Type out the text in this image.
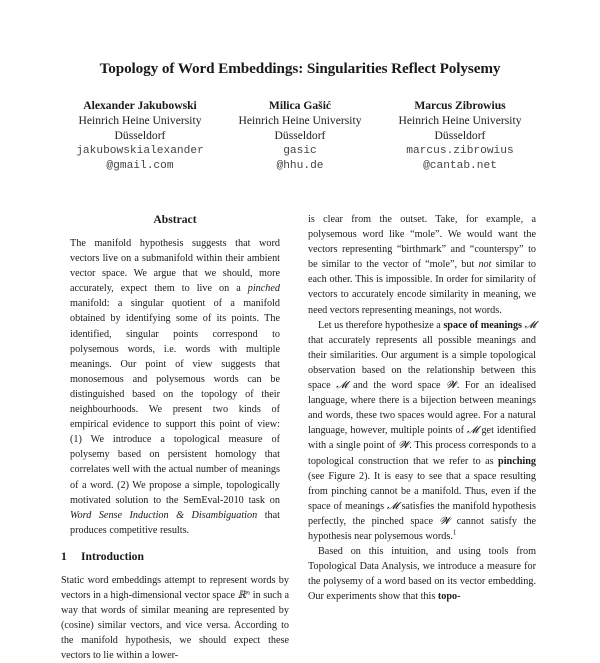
Topology of Word Embeddings: Singularities Reflect Polysemy
Alexander Jakubowski
Heinrich Heine University
Düsseldorf
jakubowskialexander
@gmail.com
Milica Gašić
Heinrich Heine University
Düsseldorf
gasic
@hhu.de
Marcus Zibrowius
Heinrich Heine University
Düsseldorf
marcus.zibrowius
@cantab.net
Abstract

The manifold hypothesis suggests that word vectors live on a submanifold within their ambient vector space. We argue that we should, more accurately, expect them to live on a pinched manifold: a singular quotient of a manifold obtained by identifying some of its points. The identified, singular points correspond to polysemous words, i.e. words with multiple meanings. Our point of view suggests that monosemous and polysemous words can be distinguished based on the topology of their neighbourhoods. We present two kinds of empirical evidence to support this point of view: (1) We introduce a topological measure of polysemy based on persistent homology that correlates well with the actual number of meanings of a word. (2) We propose a simple, topologically motivated solution to the SemEval-2010 task on Word Sense Induction & Disambiguation that produces competitive results.

1 Introduction

Static word embeddings attempt to represent words by vectors in a high-dimensional vector space ℝⁿ in such a way that words of similar meaning are represented by (cosine) similar vectors, and vice versa. According to the manifold hypothesis, we should expect these vectors to lie within a lower-

is clear from the outset. Take, for example, a polysemous word like “mole”. We would want the vectors representing “birthmark” and “counterspy” to be similar to the vector of “mole”, but not similar to each other. This is impossible. In order for similarity of vectors to accurately encode similarity in meaning, we need vectors representing meanings, not words.

Let us therefore hypothesize a space of meanings 𝓜 that accurately represents all possible meanings and their similarities. Our argument is a simple topological observation based on the relationship between this space 𝓜 and the word space 𝓦. For an idealised language, where there is a bijection between meanings and words, these two spaces would agree. For a natural language, however, multiple points of 𝓜 get identified with a single point of 𝓦. This process corresponds to a topological construction that we refer to as pinching (see Figure 2). It is easy to see that a space resulting from pinching cannot be a manifold. Thus, even if the space of meanings 𝓜 satisfies the manifold hypothesis perfectly, the pinched space 𝓦 cannot satisfy the hypothesis near polysemous words.$^1$

Based on this intuition, and using tools from Topological Data Analysis, we introduce a measure for the polysemy of a word based on its vector embedding. Our experiments show that this topo-
